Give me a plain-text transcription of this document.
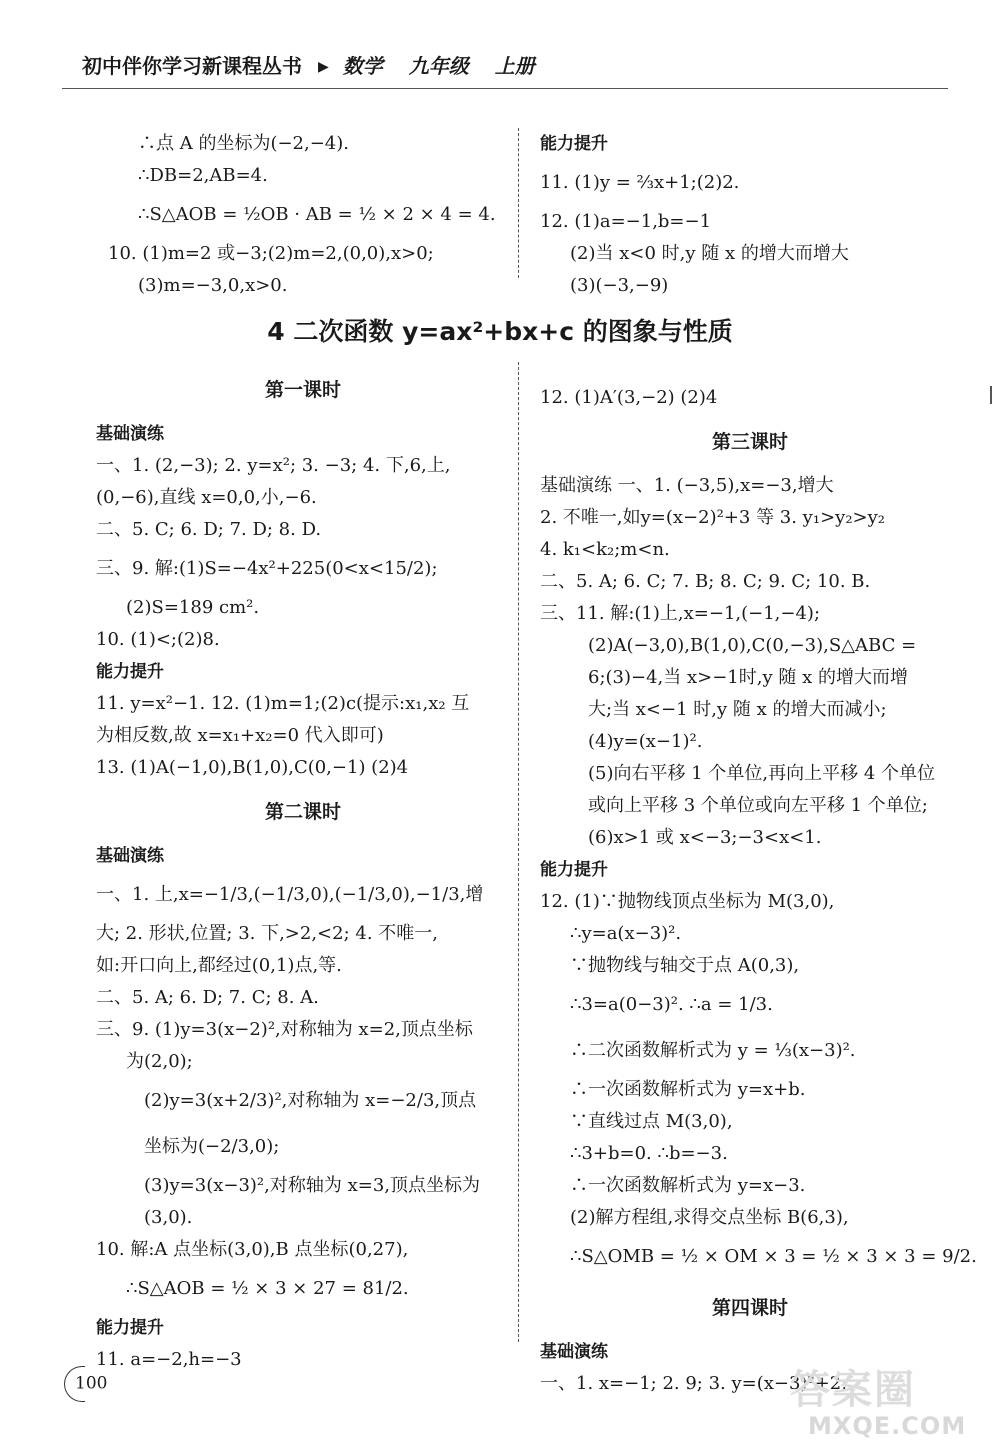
初中伴你学习新课程丛书 ▶ 数学 九年级 上册
∴点 A 的坐标为(−2,−4).
∴DB=2,AB=4.
∴S△AOB = ½OB · AB = ½ × 2 × 4 = 4.
10. (1)m=2 或−3;(2)m=2,(0,0),x>0;
(3)m=−3,0,x>0.
能力提升
11. (1)y = ⅔x+1;(2)2.
12. (1)a=−1,b=−1
(2)当 x<0 时,y 随 x 的增大而增大
(3)(−3,−9)
4 二次函数 y=ax²+bx+c 的图象与性质
第一课时
基础演练
一、1. (2,−3); 2. y=x²; 3. −3; 4. 下,6,上,
(0,−6),直线 x=0,0,小,−6.
二、5. C; 6. D; 7. D; 8. D.
三、9. 解:(1)S=−4x²+225(0<x<15/2);
(2)S=189 cm².
10. (1)<;(2)8.
能力提升
11. y=x²−1. 12. (1)m=1;(2)c(提示:x₁,x₂ 互
为相反数,故 x=x₁+x₂=0 代入即可)
13. (1)A(−1,0),B(1,0),C(0,−1) (2)4
第二课时
基础演练
一、1. 上,x=−1/3,(−1/3,0),(−1/3,0),−1/3,增
大; 2. 形状,位置; 3. 下,>2,<2; 4. 不唯一,
如:开口向上,都经过(0,1)点,等.
二、5. A; 6. D; 7. C; 8. A.
三、9. (1)y=3(x−2)²,对称轴为 x=2,顶点坐标
为(2,0);
(2)y=3(x+2/3)²,对称轴为 x=−2/3,顶点
坐标为(−2/3,0);
(3)y=3(x−3)²,对称轴为 x=3,顶点坐标为
(3,0).
10. 解:A 点坐标(3,0),B 点坐标(0,27),
∴S△AOB = ½ × 3 × 27 = 81/2.
能力提升
11. a=−2,h=−3
12. (1)A′(3,−2) (2)4
第三课时
基础演练 一、1. (−3,5),x=−3,增大
2. 不唯一,如y=(x−2)²+3 等 3. y₁>y₂>y₂
4. k₁<k₂;m<n.
二、5. A; 6. C; 7. B; 8. C; 9. C; 10. B.
三、11. 解:(1)上,x=−1,(−1,−4);
(2)A(−3,0),B(1,0),C(0,−3),S△ABC =
6;(3)−4,当 x>−1时,y 随 x 的增大而增
大;当 x<−1 时,y 随 x 的增大而减小;
(4)y=(x−1)².
(5)向右平移 1 个单位,再向上平移 4 个单位
或向上平移 3 个单位或向左平移 1 个单位;
(6)x>1 或 x<−3;−3<x<1.
能力提升
12. (1)∵抛物线顶点坐标为 M(3,0),
∴y=a(x−3)².
∵抛物线与轴交于点 A(0,3),
∴3=a(0−3)². ∴a = 1/3.
∴二次函数解析式为 y = ⅓(x−3)².
∴一次函数解析式为 y=x+b.
∵直线过点 M(3,0),
∴3+b=0. ∴b=−3.
∴一次函数解析式为 y=x−3.
(2)解方程组,求得交点坐标 B(6,3),
∴S△OMB = ½ × OM × 3 = ½ × 3 × 3 = 9/2.
第四课时
基础演练
一、1. x=−1; 2. 9; 3. y=(x−3)²+2;
100	答案圈
MXQE.COM
